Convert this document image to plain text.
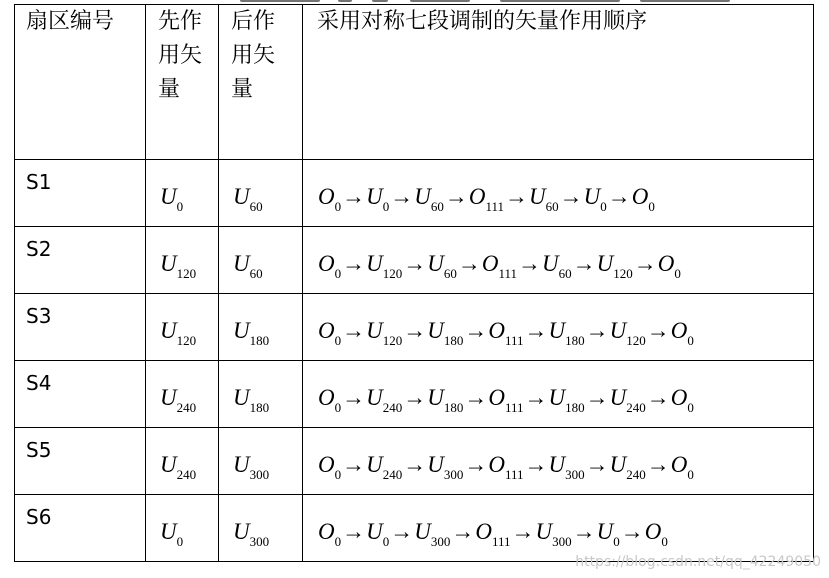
扇区编号	先作用矢量	后作用矢量	采用对称七段调制的矢量作用顺序

S1	$U_0$	$U_{60}$	$O_0\to U_0\to U_{60}\to O_{111}\to U_{60}\to U_0\to O_0$

S2	$U_{120}$	$U_{60}$	$O_0\to U_{120}\to U_{60}\to O_{111}\to U_{60}\to U_{120}\to O_0$

S3	$U_{120}$	$U_{180}$	$O_0\to U_{120}\to U_{180}\to O_{111}\to U_{180}\to U_{120}\to O_0$

S4	$U_{240}$	$U_{180}$	$O_0\to U_{240}\to U_{180}\to O_{111}\to U_{180}\to U_{240}\to O_0$

S5	$U_{240}$	$U_{300}$	$O_0\to U_{240}\to U_{300}\to O_{111}\to U_{300}\to U_{240}\to O_0$

S6	$U_0$	$U_{300}$	$O_0\to U_0\to U_{300}\to O_{111}\to U_{300}\to U_0\to O_0$
https://blog.csdn.net/qq_42249050
